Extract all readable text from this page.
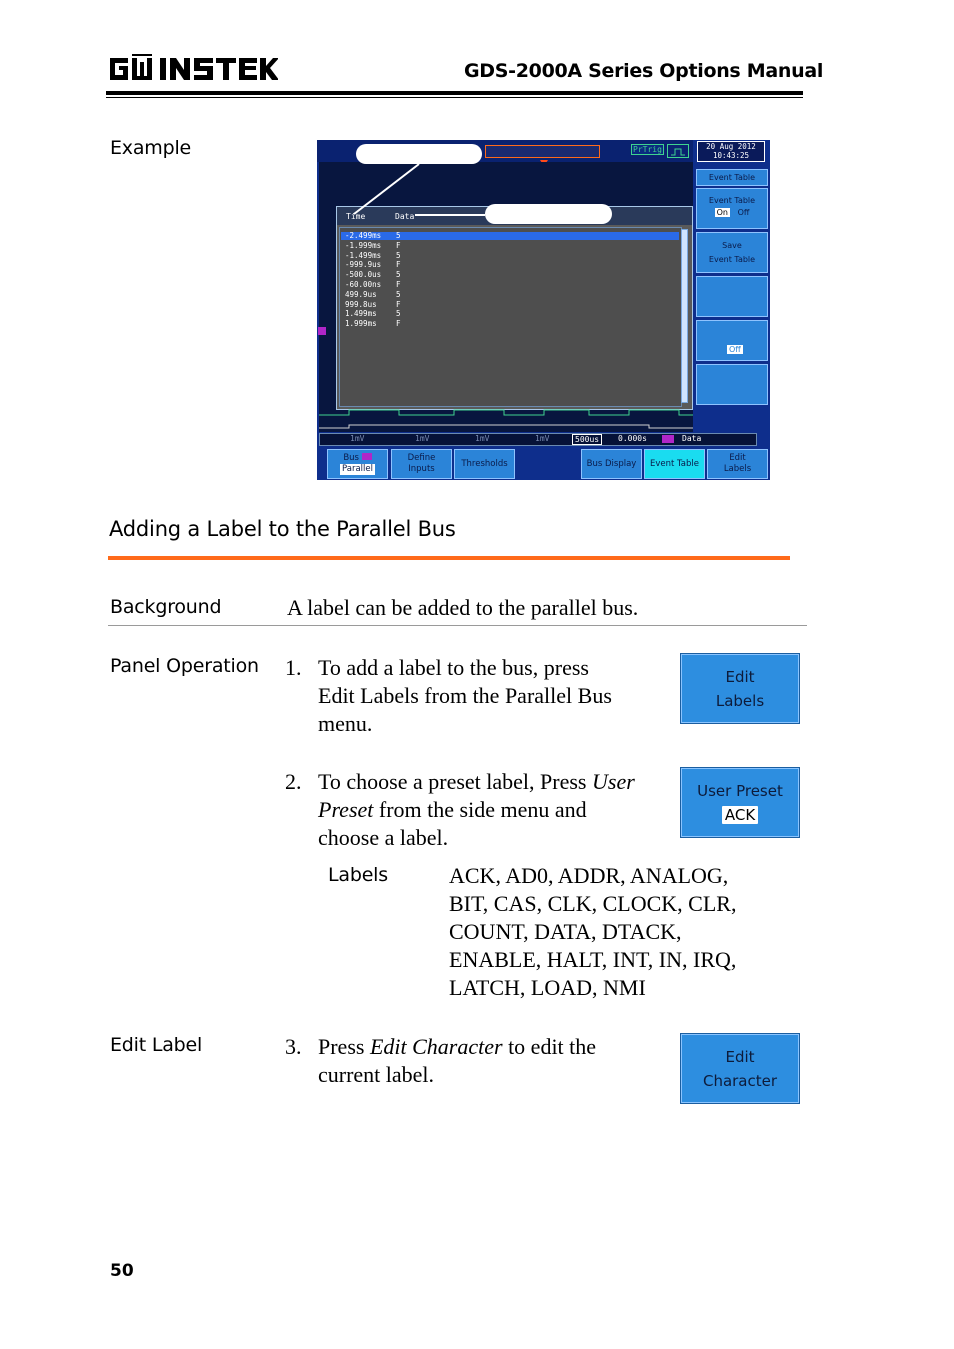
GDS-2000A Series Options Manual
Example	PrTrig	20 Aug 2012
10:43:25
Time	Data
-2.499ms 5
-1.999ms F
-1.499ms 5
-999.9us F
-500.0us 5
-60.00ns F
499.9us	5
999.8us	F
1.499ms	5
1.999ms	F
Event Table
Event Table
On Off
Save
Event Table
Off
1mV	1mV	1mV	1mV	500us	0.000s	Data
Bus
Parallel
Define
Inputs
Thresholds	Bus Display	Event Table
Edit
Labels
Adding a Label to the Parallel Bus
Background	A label can be added to the parallel bus.
Panel Operation 1. To add a label to the bus, press
Edit Labels from the Parallel Bus
menu.
Edit
Labels
2. To choose a preset label, Press User
Preset from the side menu and
choose a label.
User Preset
ACK
Labels	ACK, AD0, ADDR, ANALOG,
BIT, CAS, CLK, CLOCK, CLR,
COUNT, DATA, DTACK,
ENABLE, HALT, INT, IN, IRQ,
LATCH, LOAD, NMI
Edit Label	3. Press Edit Character to edit the
current label.
Edit
Character
50
